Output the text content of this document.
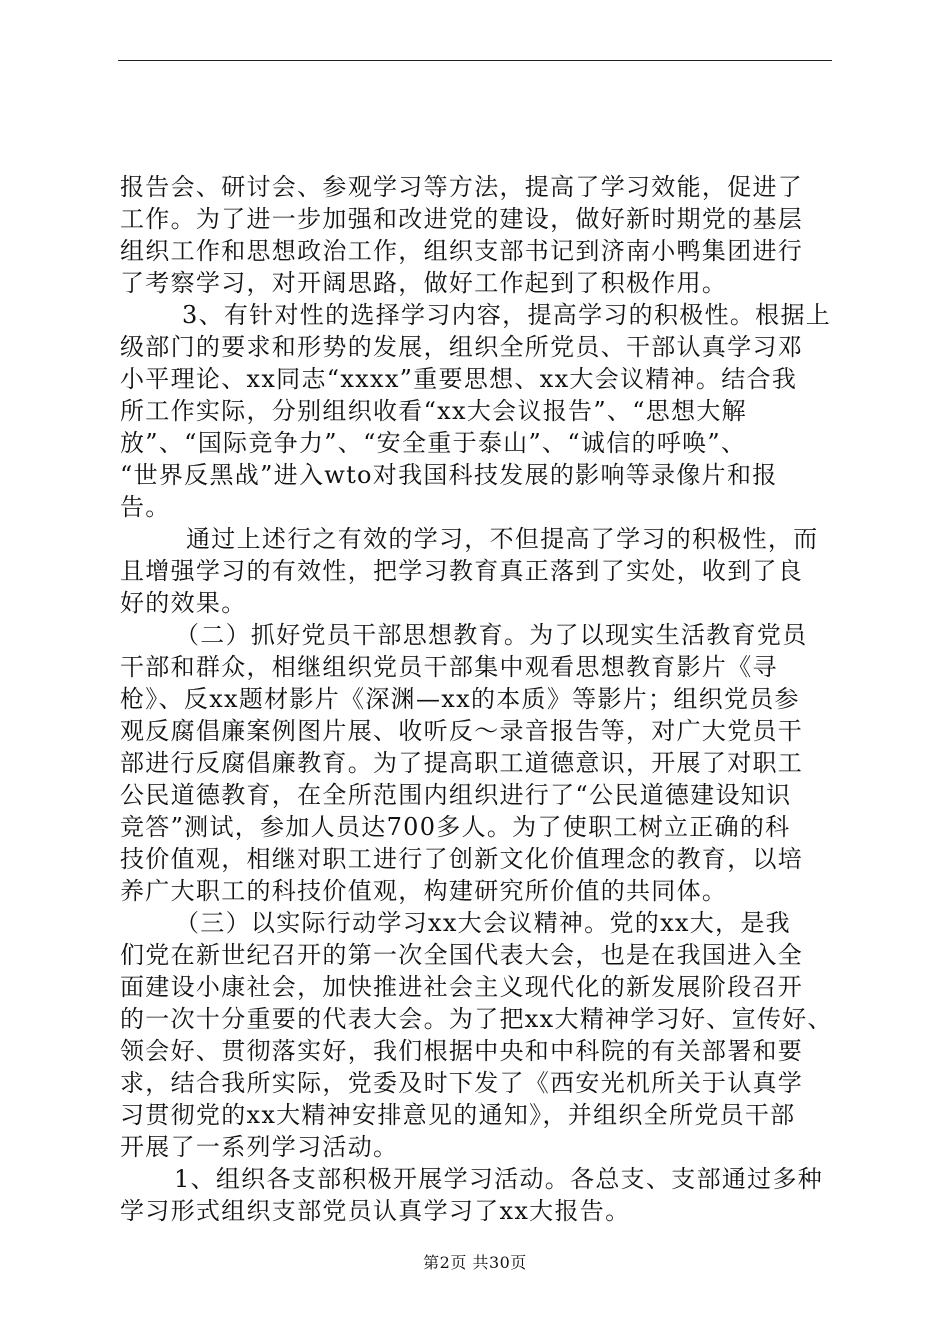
报告会、研讨会、参观学习等方法，提高了学习效能，促进了
工作。为了进一步加强和改进党的建设，做好新时期党的基层
组织工作和思想政治工作，组织支部书记到济南小鸭集团进行
了考察学习，对开阔思路，做好工作起到了积极作用。
3、有针对性的选择学习内容，提高学习的积极性。根据上
级部门的要求和形势的发展，组织全所党员、干部认真学习邓
小平理论、xx同志“xxxx”重要思想、xx大会议精神。结合我
所工作实际，分别组织收看“xx大会议报告”、“思想大解
放”、“国际竞争力”、“安全重于泰山”、“诚信的呼唤”、
“世界反黑战”进入wto对我国科技发展的影响等录像片和报
告。
通过上述行之有效的学习，不但提高了学习的积极性，而
且增强学习的有效性，把学习教育真正落到了实处，收到了良
好的效果。
（二）抓好党员干部思想教育。为了以现实生活教育党员
干部和群众，相继组织党员干部集中观看思想教育影片《寻
枪》、反xx题材影片《深渊—xx的本质》等影片；组织党员参
观反腐倡廉案例图片展、收听反～录音报告等，对广大党员干
部进行反腐倡廉教育。为了提高职工道德意识，开展了对职工
公民道德教育，在全所范围内组织进行了“公民道德建设知识
竞答”测试，参加人员达700多人。为了使职工树立正确的科
技价值观，相继对职工进行了创新文化价值理念的教育，以培
养广大职工的科技价值观，构建研究所价值的共同体。
（三）以实际行动学习xx大会议精神。党的xx大，是我
们党在新世纪召开的第一次全国代表大会，也是在我国进入全
面建设小康社会，加快推进社会主义现代化的新发展阶段召开
的一次十分重要的代表大会。为了把xx大精神学习好、宣传好、
领会好、贯彻落实好，我们根据中央和中科院的有关部署和要
求，结合我所实际，党委及时下发了《西安光机所关于认真学
习贯彻党的xx大精神安排意见的通知》，并组织全所党员干部
开展了一系列学习活动。
1、组织各支部积极开展学习活动。各总支、支部通过多种
学习形式组织支部党员认真学习了xx大报告。
第2页 共30页
